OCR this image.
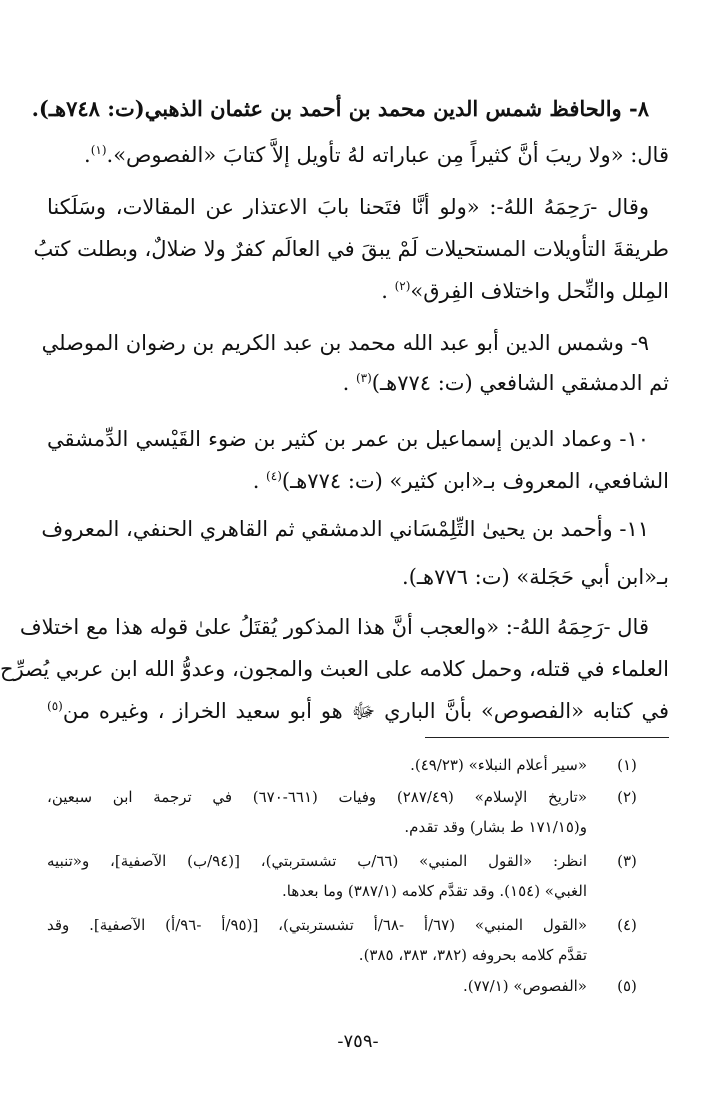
٨- والحافظ شمس الدين محمد بن أحمد بن عثمان الذهبي(ت: ٧٤٨هـ).
قال: «ولا ريبَ أنَّ كثيراً مِن عباراته لهُ تأويل إلاَّ كتابَ «الفصوص».$^{(١)}$.
وقال -رَحِمَهُ اللهُ-: «ولو أنَّا فتَحنا بابَ الاعتذار عن المقالات، وسَلَكنا
طريقةَ التأويلات المستحيلات لَمْ يبقَ في العالَم كفرٌ ولا ضلالٌ، وبطلت كتبُ
المِلل والنِّحل واختلاف الفِرق»$^{(٢)}$ .
٩- وشمس الدين أبو عبد الله محمد بن عبد الكريم بن رضوان الموصلي
ثم الدمشقي الشافعي (ت: ٧٧٤هـ)$^{(٣)}$ .
١٠- وعماد الدين إسماعيل بن عمر بن كثير بن ضوء القَيْسي الدِّمشقي
الشافعي، المعروف بـ«ابن كثير» (ت: ٧٧٤هـ)$^{(٤)}$ .
١١- وأحمد بن يحيىٰ التِّلِمْسَاني الدمشقي ثم القاهري الحنفي، المعروف
بـ«ابن أبي حَجَلة» (ت: ٧٧٦هـ).
قال -رَحِمَهُ اللهُ-: «والعجب أنَّ هذا المذكور يُقتَلُ علىٰ قوله هذا مع اختلاف
العلماء في قتله، وحمل كلامه على العبث والمجون، وعدوُّ الله ابن عربي يُصرِّح
في كتابه «الفصوص» بأنَّ الباري ﷻ هو أبو سعيد الخراز ، وغيره من$^{(٥)}$
(١)
«سير أعلام النبلاء» (٤٩/٢٣).
(٢)
«تاريخ الإسلام» (٢٨٧/٤٩) وفيات (٦٦١-٦٧٠) في ترجمة ابن سبعين،
و(١٧١/١٥ ط بشار) وقد تقدم.
(٣)
انظر: «القول المنبي» (٦٦/ب تشستربتي)، [(٩٤/ب) الآصفية]، و«تنبيه
الغبي» (١٥٤). وقد تقدَّم كلامه (٣٨٧/١) وما بعدها.
(٤)
«القول المنبي» (٦٧/أ -٦٨/أ تشستربتي)، [(٩٥/أ -٩٦/أ) الآصفية]. وقد
تقدَّم كلامه بحروفه (٣٨٢، ٣٨٣، ٣٨٥).
(٥)
«الفصوص» (٧٧/١).
-٧٥٩-
